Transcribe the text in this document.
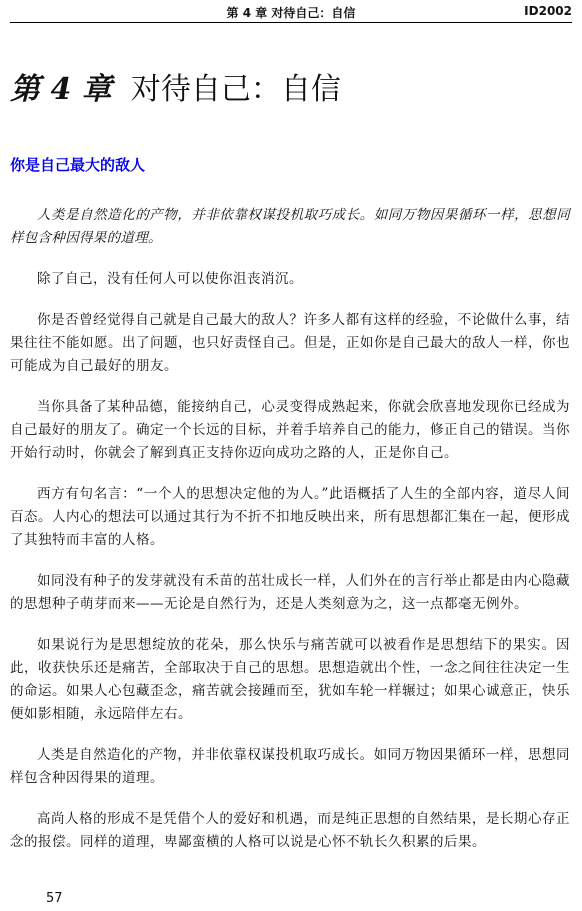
第 4 章 对待自己：自信	ID2002
第 4 章 对待自己：自信
你是自己最大的敌人

人类是自然造化的产物，并非依靠权谋投机取巧成长。如同万物因果循环一样，思想同样包含种因得果的道理。

除了自己，没有任何人可以使你沮丧消沉。

你是否曾经觉得自己就是自己最大的敌人？许多人都有这样的经验，不论做什么事，结果往往不能如愿。出了问题，也只好责怪自己。但是，正如你是自己最大的敌人一样，你也可能成为自己最好的朋友。

当你具备了某种品德，能接纳自己，心灵变得成熟起来，你就会欣喜地发现你已经成为自己最好的朋友了。确定一个长远的目标，并着手培养自己的能力，修正自己的错误。当你开始行动时，你就会了解到真正支持你迈向成功之路的人，正是你自己。

西方有句名言：“一个人的思想决定他的为人。”此语概括了人生的全部内容，道尽人间百态。人内心的想法可以通过其行为不折不扣地反映出来，所有思想都汇集在一起，便形成了其独特而丰富的人格。

如同没有种子的发芽就没有禾苗的茁壮成长一样，人们外在的言行举止都是由内心隐藏的思想种子萌芽而来——无论是自然行为，还是人类刻意为之，这一点都毫无例外。

如果说行为是思想绽放的花朵，那么快乐与痛苦就可以被看作是思想结下的果实。因此，收获快乐还是痛苦，全部取决于自己的思想。思想造就出个性，一念之间往往决定一生的命运。如果人心包藏歪念，痛苦就会接踵而至，犹如车轮一样辗过；如果心诚意正，快乐便如影相随，永远陪伴左右。

人类是自然造化的产物，并非依靠权谋投机取巧成长。如同万物因果循环一样，思想同样包含种因得果的道理。

高尚人格的形成不是凭借个人的爱好和机遇，而是纯正思想的自然结果，是长期心存正念的报偿。同样的道理，卑鄙蛮横的人格可以说是心怀不轨长久积累的后果。

57
